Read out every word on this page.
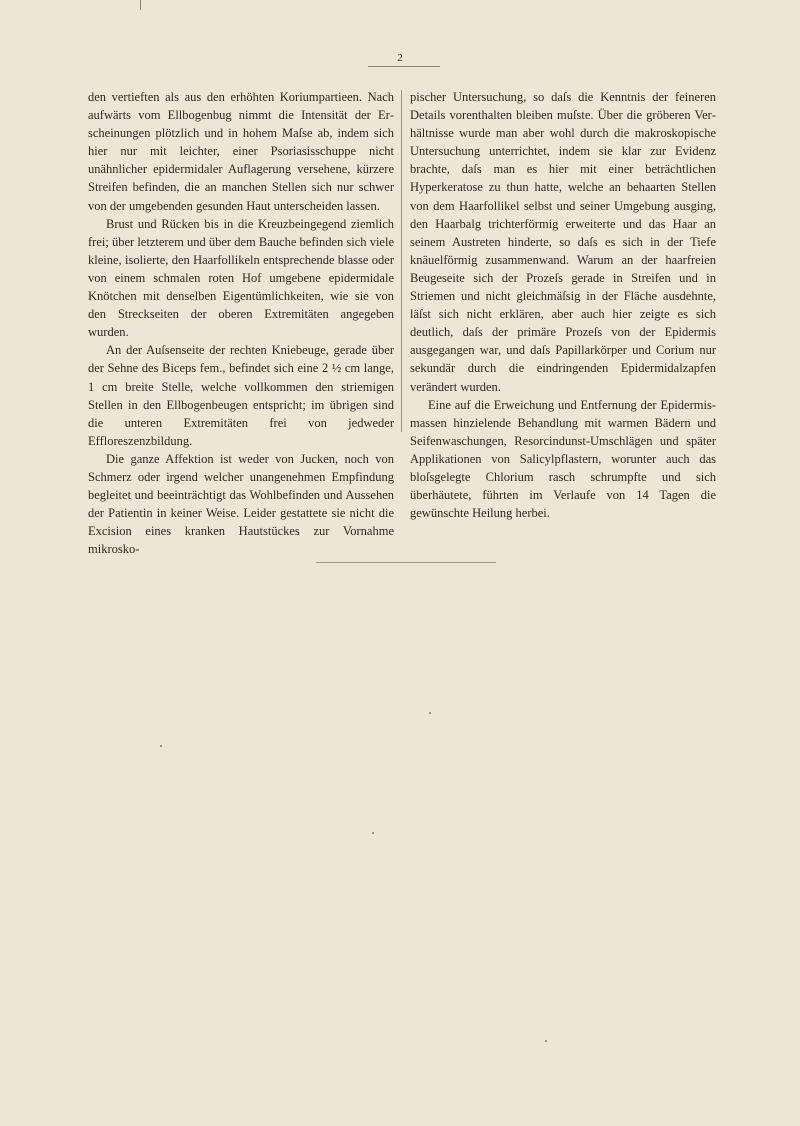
2

den vertieften als aus den erhöhten Koriumpartieen. Nach aufwärts vom Ellbogenbug nimmt die Intensität der Erscheinungen plötzlich und in hohem Maſse ab, indem sich hier nur mit leichter, einer Psoriasisschuppe nicht unähnlicher epidermidaler Auflagerung versehene, kürzere Streifen befinden, die an manchen Stellen sich nur schwer von der umgebenden gesunden Haut unterscheiden lassen.

Brust und Rücken bis in die Kreuzbeingegend ziemlich frei; über letzterem und über dem Bauche befinden sich viele kleine, isolierte, den Haarfollikeln entsprechende blasse oder von einem schmalen roten Hof umgebene epidermidale Knötchen mit denselben Eigentümlichkeiten, wie sie von den Streckseiten der oberen Extremitäten angegeben wurden.

An der Auſsenseite der rechten Kniebeuge, gerade über der Sehne des Biceps fem., befindet sich eine 2 ½ cm lange, 1 cm breite Stelle, welche vollkommen den striemigen Stellen in den Ellbogenbeugen entspricht; im übrigen sind die unteren Extremitäten frei von jedweder Effloreszenzbildung.

Die ganze Affektion ist weder von Jucken, noch von Schmerz oder irgend welcher unangenehmen Empfindung begleitet und beeinträchtigt das Wohlbefinden und Aussehen der Patientin in keiner Weise. Leider gestattete sie nicht die Excision eines kranken Hautstückes zur Vornahme mikrosko-

pischer Untersuchung, so daſs die Kenntnis der feineren Details vorenthalten bleiben muſste. Über die gröberen Verhältnisse wurde man aber wohl durch die makroskopische Untersuchung unterrichtet, indem sie klar zur Evidenz brachte, daſs man es hier mit einer beträchtlichen Hyperkeratose zu thun hatte, welche an behaarten Stellen von dem Haarfollikel selbst und seiner Umgebung ausging, den Haarbalg trichterförmig erweiterte und das Haar an seinem Austreten hinderte, so daſs es sich in der Tiefe knäuelförmig zusammenwand. Warum an der haarfreien Beugeseite sich der Prozeſs gerade in Streifen und in Striemen und nicht gleichmäſsig in der Fläche ausdehnte, läſst sich nicht erklären, aber auch hier zeigte es sich deutlich, daſs der primäre Prozeſs von der Epidermis ausgegangen war, und daſs Papillarkörper und Corium nur sekundär durch die eindringenden Epidermidalzapfen verändert wurden.

Eine auf die Erweichung und Entfernung der Epidermismassen hinzielende Behandlung mit warmen Bädern und Seifenwaschungen, Resorcindunst-Umschlägen und später Applikationen von Salicylpflastern, worunter auch das bloſsgelegte Chlorium rasch schrumpfte und sich überhäutete, führten im Verlaufe von 14 Tagen die gewünschte Heilung herbei.
